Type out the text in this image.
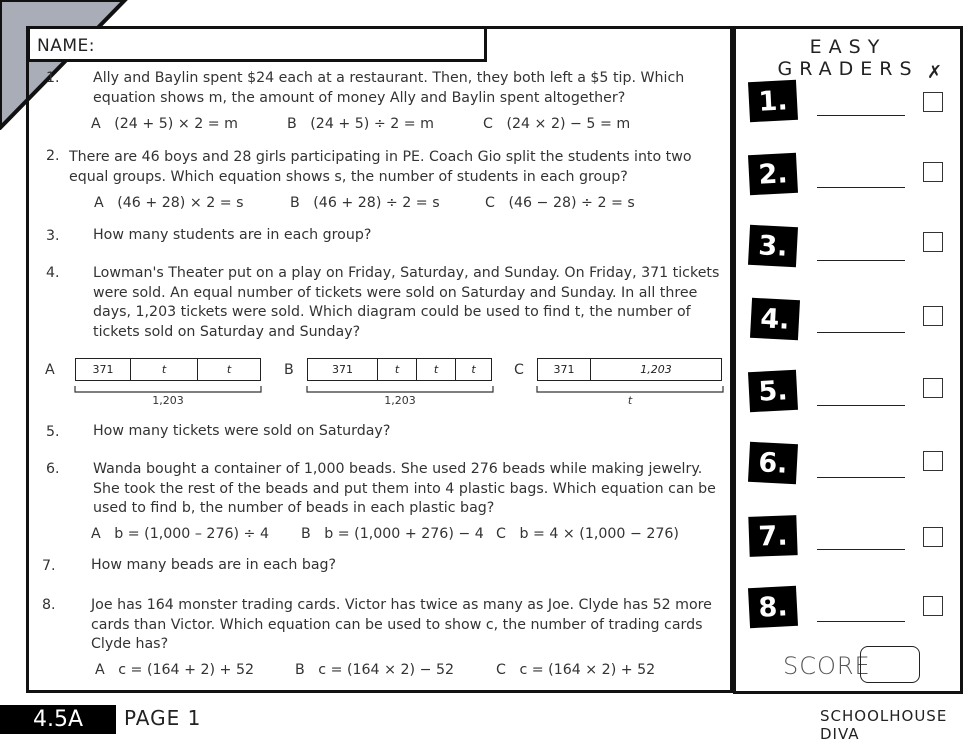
NAME:
1. Ally and Baylin spent $24 each at a restaurant. Then, they both left a $5 tip. Which equation shows m, the amount of money Ally and Baylin spent altogether?
A (24 + 5) × 2 = m	B (24 + 5) ÷ 2 = m	C (24 × 2) − 5 = m
2. There are 46 boys and 28 girls participating in PE. Coach Gio split the students into two equal groups. Which equation shows s, the number of students in each group?
A (46 + 28) × 2 = s	B (46 + 28) ÷ 2 = s	C (46 − 28) ÷ 2 = s
3. How many students are in each group?
4. Lowman's Theater put on a play on Friday, Saturday, and Sunday. On Friday, 371 tickets were sold. An equal number of tickets were sold on Saturday and Sunday. In all three days, 1,203 tickets were sold. Which diagram could be used to find t, the number of tickets sold on Saturday and Sunday?
A	371	t	t
1,203
B	371	t	t	t
1,203
C	371	1,203
t
5. How many tickets were sold on Saturday?
6. Wanda bought a container of 1,000 beads. She used 276 beads while making jewelry. She took the rest of the beads and put them into 4 plastic bags. Which equation can be used to find b, the number of beads in each plastic bag?
A b = (1,000 – 276) ÷ 4 B b = (1,000 + 276) − 4 C b = 4 × (1,000 − 276)
7. How many beads are in each bag?
8. Joe has 164 monster trading cards. Victor has twice as many as Joe. Clyde has 52 more cards than Victor. Which equation can be used to show c, the number of trading cards Clyde has?
A c = (164 + 2) + 52	B c = (164 × 2) − 52	C c = (164 × 2) + 52
EASY GRADERS ✗
1.
2.
3.
4.
5.
6.
7.
8.
SCORE
4.5A	PAGE 1	SCHOOLHOUSE DIVA
